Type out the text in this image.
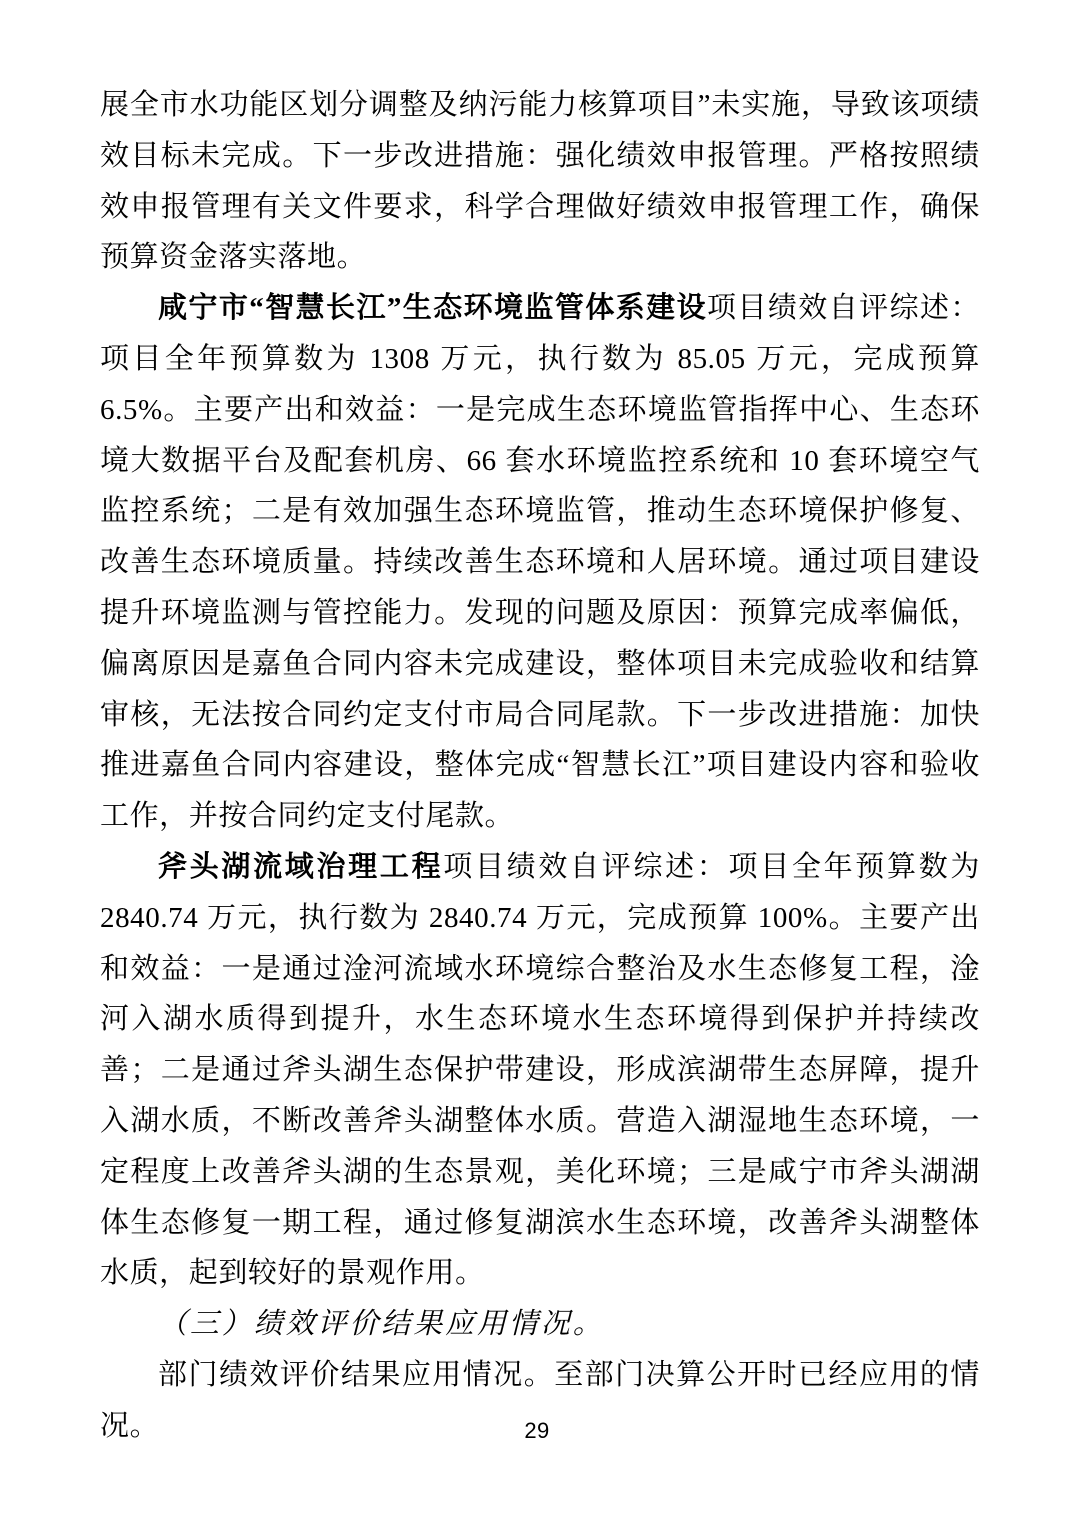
展全市水功能区划分调整及纳污能力核算项目”未实施，导致该项绩效目标未完成。下一步改进措施：强化绩效申报管理。严格按照绩效申报管理有关文件要求，科学合理做好绩效申报管理工作，确保预算资金落实落地。

咸宁市“智慧长江”生态环境监管体系建设项目绩效自评综述：项目全年预算数为 1308 万元，执行数为 85.05 万元，完成预算 6.5%。主要产出和效益：一是完成生态环境监管指挥中心、生态环境大数据平台及配套机房、66 套水环境监控系统和 10 套环境空气监控系统；二是有效加强生态环境监管，推动生态环境保护修复、改善生态环境质量。持续改善生态环境和人居环境。通过项目建设提升环境监测与管控能力。发现的问题及原因：预算完成率偏低，偏离原因是嘉鱼合同内容未完成建设，整体项目未完成验收和结算审核，无法按合同约定支付市局合同尾款。下一步改进措施：加快推进嘉鱼合同内容建设，整体完成“智慧长江”项目建设内容和验收工作，并按合同约定支付尾款。

斧头湖流域治理工程项目绩效自评综述：项目全年预算数为 2840.74 万元，执行数为 2840.74 万元，完成预算 100%。主要产出和效益：一是通过淦河流域水环境综合整治及水生态修复工程，淦河入湖水质得到提升，水生态环境水生态环境得到保护并持续改善；二是通过斧头湖生态保护带建设，形成滨湖带生态屏障，提升入湖水质，不断改善斧头湖整体水质。营造入湖湿地生态环境，一定程度上改善斧头湖的生态景观，美化环境；三是咸宁市斧头湖湖体生态修复一期工程，通过修复湖滨水生态环境，改善斧头湖整体水质，起到较好的景观作用。

（三）绩效评价结果应用情况。

部门绩效评价结果应用情况。至部门决算公开时已经应用的情况。	29
